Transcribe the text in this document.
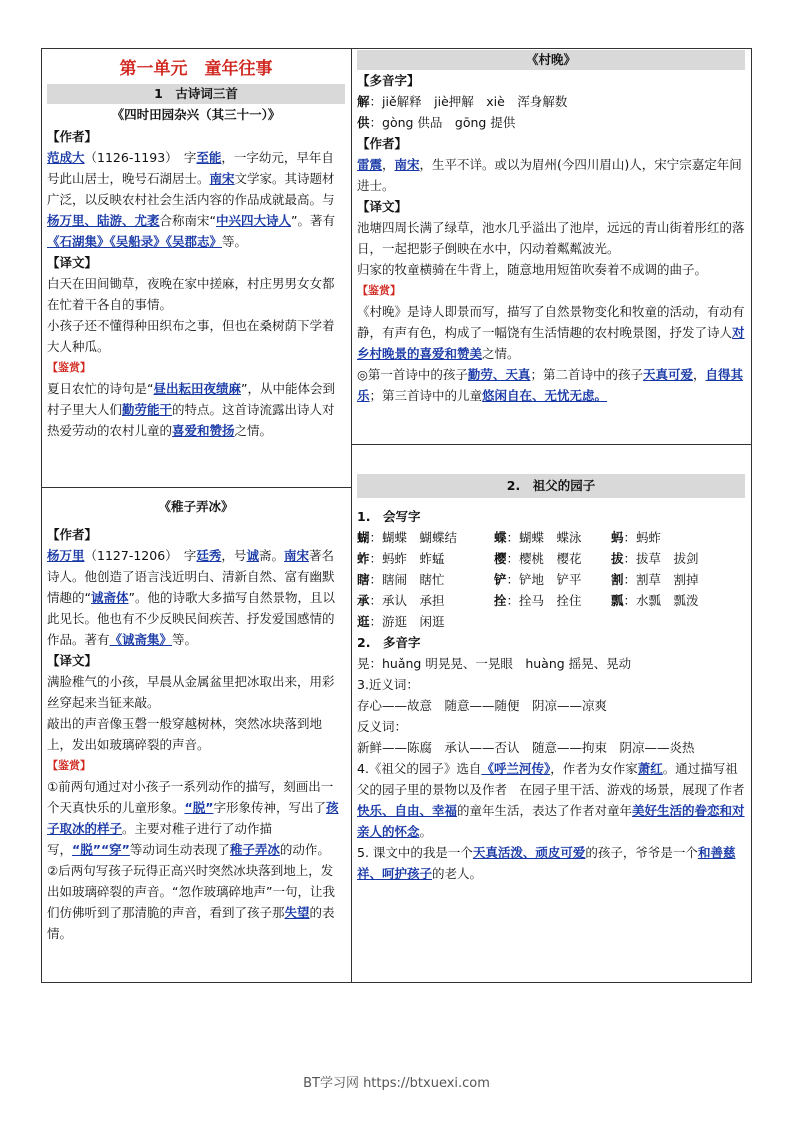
第一单元　童年往事
1　古诗词三首
《四时田园杂兴（其三十一）》
【作者】

范成大（1126-1193）　字至能，一字幼元，早年自号此山居士，晚号石湖居士。南宋文学家。其诗题材广泛，以反映农村社会生活内容的作品成就最高。与杨万里、陆游、尤袤合称南宋“中兴四大诗人”。著有《石湖集》《吴船录》《吴郡志》等。

【译文】

白天在田间锄草，夜晚在家中搓麻，村庄男男女女都在忙着干各自的事情。

小孩子还不懂得种田织布之事，但也在桑树荫下学着大人种瓜。

【鉴赏】

夏日农忙的诗句是“昼出耘田夜绩麻”，从中能体会到村子里大人们勤劳能干的特点。这首诗流露出诗人对热爱劳动的农村儿童的喜爱和赞扬之情。

《稚子弄冰》
【作者】

杨万里（1127-1206）　字廷秀，号诚斋。南宋著名诗人。他创造了语言浅近明白、清新自然、富有幽默情趣的“诚斋体”。他的诗歌大多描写自然景物，且以此见长。他也有不少反映民间疾苦、抒发爱国感情的作品。著有《诚斋集》等。

【译文】

满脸稚气的小孩，早晨从金属盆里把冰取出来，用彩丝穿起来当钲来敲。

敲出的声音像玉磬一般穿越树林，突然冰块落到地上，发出如玻璃碎裂的声音。

【鉴赏】

①前两句通过对小孩子一系列动作的描写，刻画出一个天真快乐的儿童形象。“脱”字形象传神，写出了孩子取冰的样子。主要对稚子进行了动作描写，“脱”“穿”等动词生动表现了稚子弄冰的动作。

②后两句写孩子玩得正高兴时突然冰块落到地上，发出如玻璃碎裂的声音。“忽作玻璃碎地声”一句，让我们仿佛听到了那清脆的声音，看到了孩子那失望的表情。

《村晚》
【多音字】

解：jiě解释　jiè押解　xiè　浑身解数

供：gòng 供品　gōng 提供

【作者】

雷震，南宋，生平不详。或以为眉州(今四川眉山)人，宋宁宗嘉定年间进士。

【译文】

池塘四周长满了绿草，池水几乎溢出了池岸，远远的青山街着彤红的落日，一起把影子倒映在水中，闪动着粼粼波光。

归家的牧童横骑在牛背上，随意地用短笛吹奏着不成调的曲子。

【鉴赏】

《村晚》是诗人即景而写，描写了自然景物变化和牧童的活动，有动有静，有声有色，构成了一幅饶有生活情趣的农村晚景图，抒发了诗人对乡村晚景的喜爱和赞美之情。

◎第一首诗中的孩子勤劳、天真；第二首诗中的孩子天真可爱，自得其乐；第三首诗中的儿童悠闲自在、无忧无虑。

2.　祖父的园子
1.　会写字
蝴：蝴蝶　蝴蝶结	蝶：蝴蝶　蝶泳	蚂：蚂蚱
蚱：蚂蚱　蚱蜢	樱：樱桃　樱花	拔：拔草　拔剑
瞎：瞎闹　瞎忙	铲：铲地　铲平	割：割草　割掉
承：承认　承担	拴：拴马　拴住	瓢：水瓢　瓢泼
逛：游逛　闲逛
2.　多音字

晃：huǎng 明晃晃、一晃眼　huàng 摇晃、晃动

3.近义词：

存心——故意　随意——随便　阴凉——凉爽

反义词：

新鲜——陈腐　承认——否认　随意——拘束　阴凉——炎热

4.《祖父的园子》选自《呼兰河传》，作者为女作家萧红。通过描写祖父的园子里的景物以及作者　在园子里干活、游戏的场景，展现了作者快乐、自由、幸福的童年生活，表达了作者对童年美好生活的眷恋和对亲人的怀念。

5. 课文中的我是一个天真活泼、顽皮可爱的孩子，爷爷是一个和善慈祥、呵护孩子的老人。

BT学习网 https://btxuexi.com
